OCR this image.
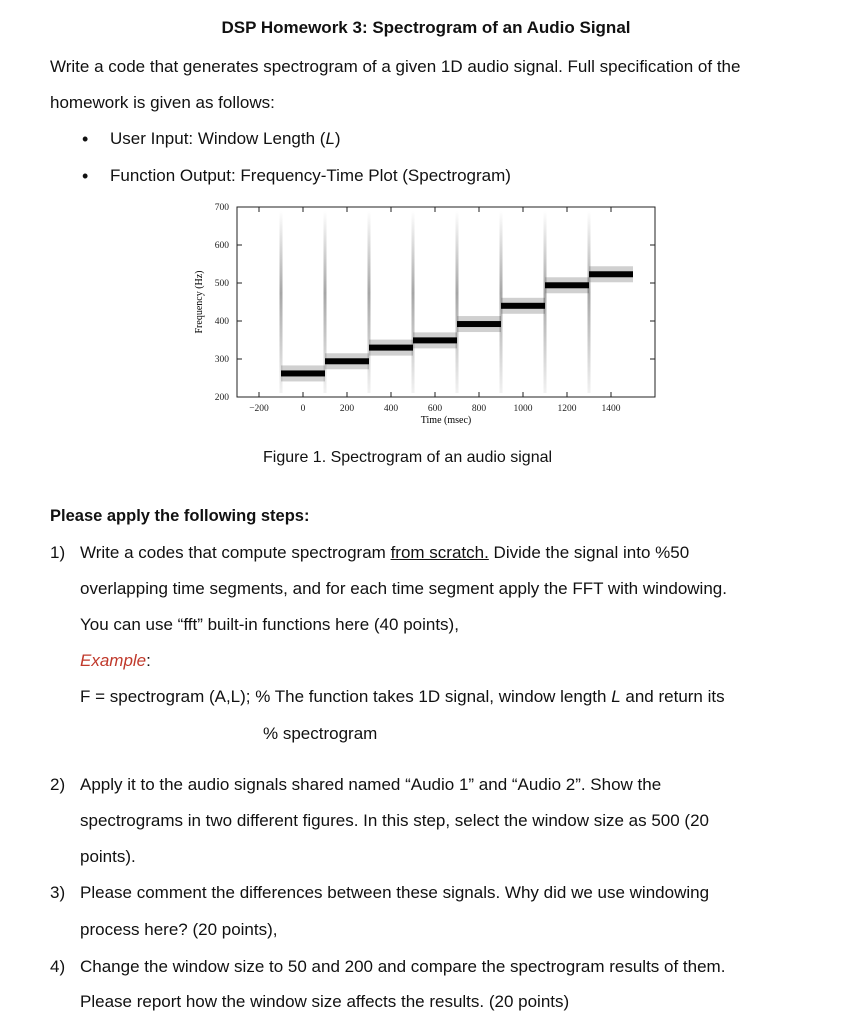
DSP Homework 3: Spectrogram of an Audio Signal
Write a code that generates spectrogram of a given 1D audio signal. Full specification of the
homework is given as follows:
• User Input: Window Length (L)
• Function Output: Frequency-Time Plot (Spectrogram)
−200	0	200	400	600	800	1000	1200	1400
200
300
400
500
600
700
Time (msec)
Frequency (Hz)
Figure 1. Spectrogram of an audio signal
Please apply the following steps:
1) Write a codes that compute spectrogram from scratch. Divide the signal into %50
overlapping time segments, and for each time segment apply the FFT with windowing.
You can use “fft” built-in functions here (40 points),
Example:
F = spectrogram (A,L); % The function takes 1D signal, window length L and return its
% spectrogram
2) Apply it to the audio signals shared named “Audio 1” and “Audio 2”. Show the
spectrograms in two different figures. In this step, select the window size as 500 (20
points).
3) Please comment the differences between these signals. Why did we use windowing
process here? (20 points),
4) Change the window size to 50 and 200 and compare the spectrogram results of them.
Please report how the window size affects the results. (20 points)
